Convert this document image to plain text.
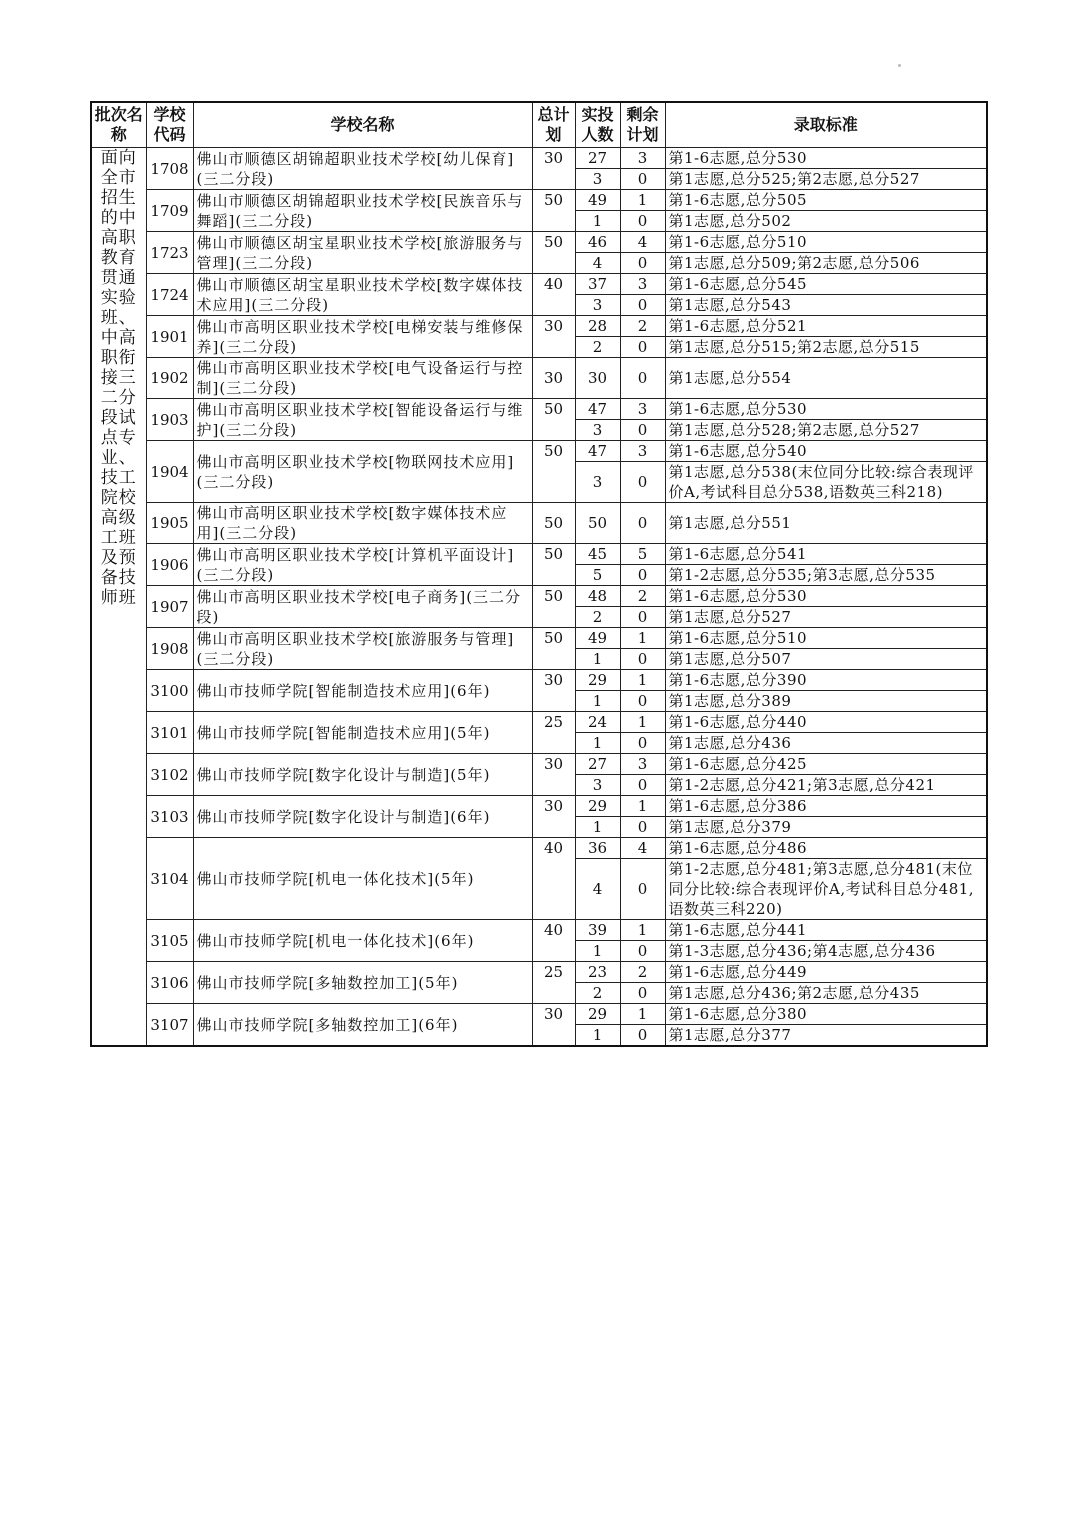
批次名称	学校代码	学校名称	总计划	实投人数	剩余计划	录取标准

面向全市招生的中高职教育贯通实验班、中高职衔接三二分段试点专业、技工院校高级工班及预备技师班	1708	佛山市顺德区胡锦超职业技术学校[幼儿保育](三二分段)	30	27	3	第1-6志愿,总分530
				3	0	第1志愿,总分525;第2志愿,总分527
	1709	佛山市顺德区胡锦超职业技术学校[民族音乐与舞蹈](三二分段)	50	49	1	第1-6志愿,总分505
				1	0	第1志愿,总分502
	1723	佛山市顺德区胡宝星职业技术学校[旅游服务与管理](三二分段)	50	46	4	第1-6志愿,总分510
				4	0	第1志愿,总分509;第2志愿,总分506
	1724	佛山市顺德区胡宝星职业技术学校[数字媒体技术应用](三二分段)	40	37	3	第1-6志愿,总分545
				3	0	第1志愿,总分543
	1901	佛山市高明区职业技术学校[电梯安装与维修保养](三二分段)	30	28	2	第1-6志愿,总分521
				2	0	第1志愿,总分515;第2志愿,总分515
	1902	佛山市高明区职业技术学校[电气设备运行与控制](三二分段)	30	30	0	第1志愿,总分554
	1903	佛山市高明区职业技术学校[智能设备运行与维护](三二分段)	50	47	3	第1-6志愿,总分530
				3	0	第1志愿,总分528;第2志愿,总分527
	1904	佛山市高明区职业技术学校[物联网技术应用](三二分段)	50	47	3	第1-6志愿,总分540
				3	0	第1志愿,总分538(末位同分比较:综合表现评价A,考试科目总分538,语数英三科218)
	1905	佛山市高明区职业技术学校[数字媒体技术应用](三二分段)	50	50	0	第1志愿,总分551
	1906	佛山市高明区职业技术学校[计算机平面设计](三二分段)	50	45	5	第1-6志愿,总分541
				5	0	第1-2志愿,总分535;第3志愿,总分535
	1907	佛山市高明区职业技术学校[电子商务](三二分段)	50	48	2	第1-6志愿,总分530
				2	0	第1志愿,总分527
	1908	佛山市高明区职业技术学校[旅游服务与管理](三二分段)	50	49	1	第1-6志愿,总分510
				1	0	第1志愿,总分507
	3100	佛山市技师学院[智能制造技术应用](6年)	30	29	1	第1-6志愿,总分390
				1	0	第1志愿,总分389
	3101	佛山市技师学院[智能制造技术应用](5年)	25	24	1	第1-6志愿,总分440
				1	0	第1志愿,总分436
	3102	佛山市技师学院[数字化设计与制造](5年)	30	27	3	第1-6志愿,总分425
				3	0	第1-2志愿,总分421;第3志愿,总分421
	3103	佛山市技师学院[数字化设计与制造](6年)	30	29	1	第1-6志愿,总分386
				1	0	第1志愿,总分379
	3104	佛山市技师学院[机电一体化技术](5年)	40	36	4	第1-6志愿,总分486
				4	0	第1-2志愿,总分481;第3志愿,总分481(末位同分比较:综合表现评价A,考试科目总分481,语数英三科220)
	3105	佛山市技师学院[机电一体化技术](6年)	40	39	1	第1-6志愿,总分441
				1	0	第1-3志愿,总分436;第4志愿,总分436
	3106	佛山市技师学院[多轴数控加工](5年)	25	23	2	第1-6志愿,总分449
				2	0	第1志愿,总分436;第2志愿,总分435
	3107	佛山市技师学院[多轴数控加工](6年)	30	29	1	第1-6志愿,总分380
				1	0	第1志愿,总分377
